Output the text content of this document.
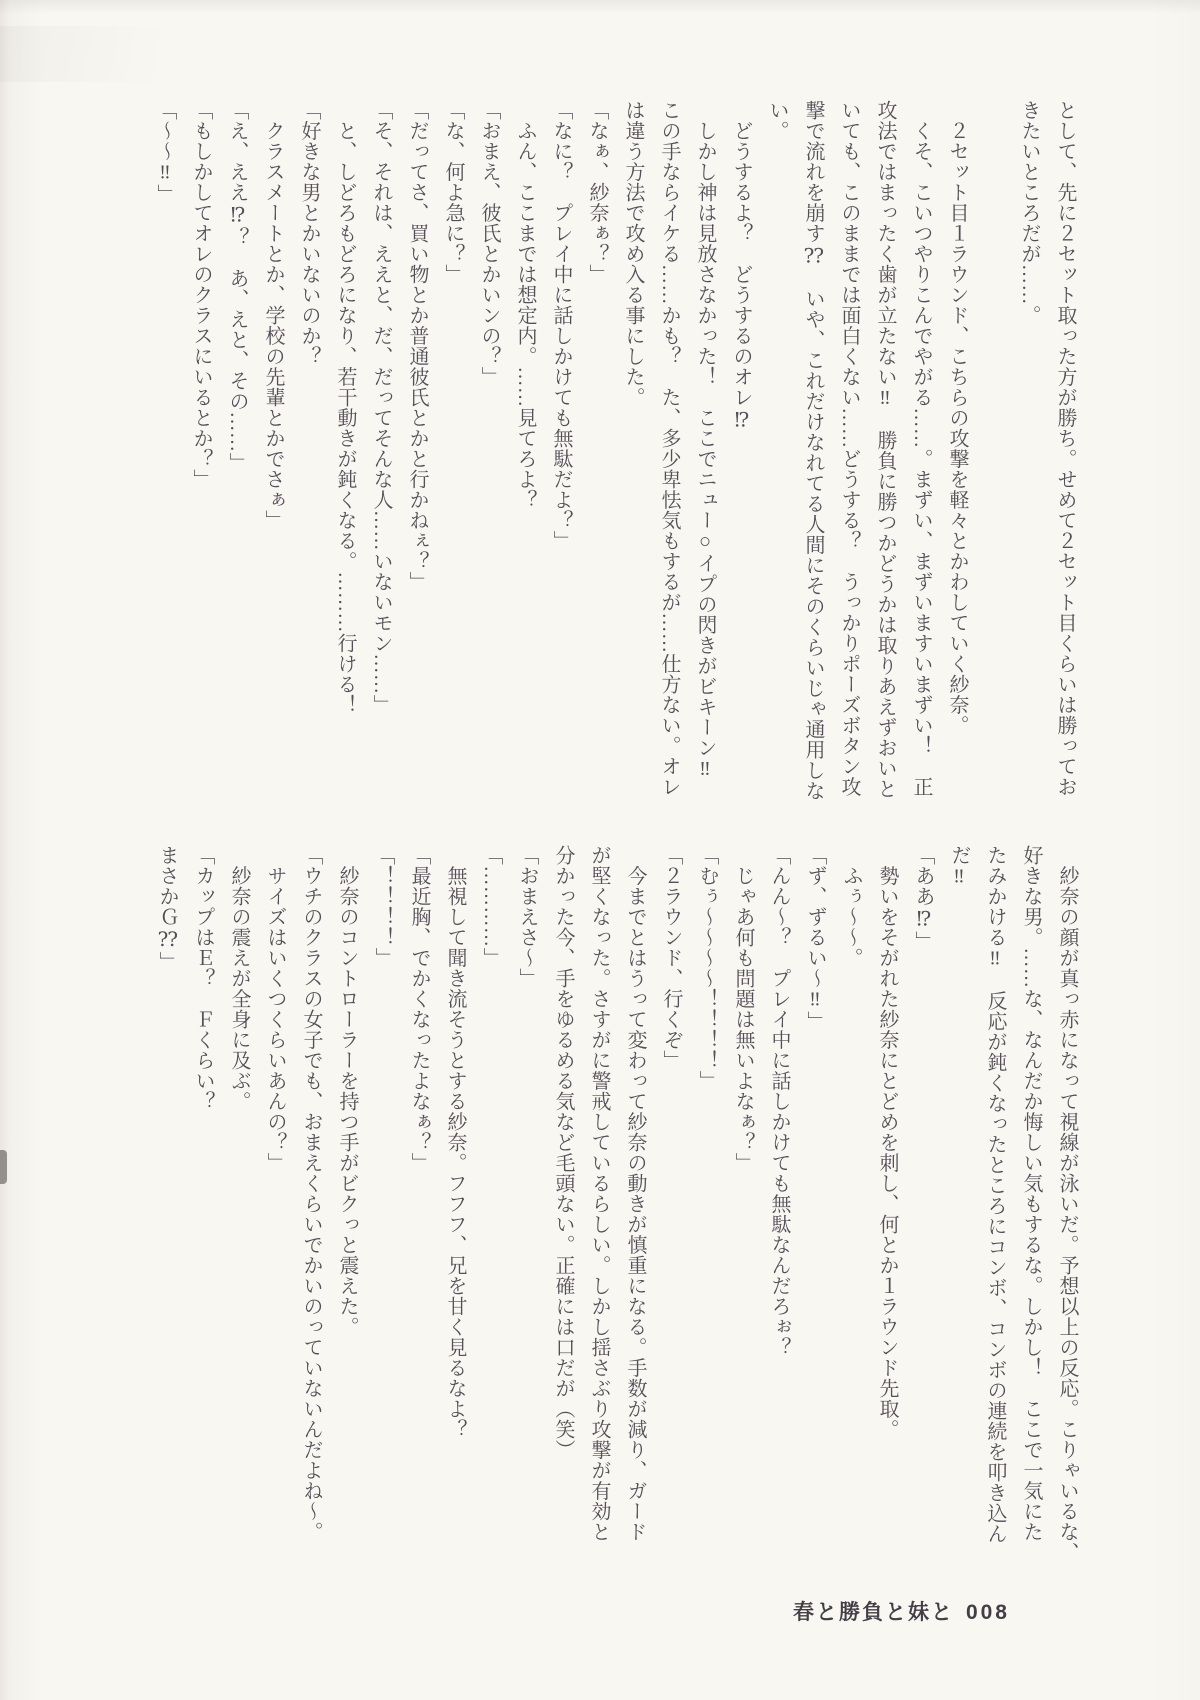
として、先に２セット取った方が勝ち。せめて２セット目くらいは勝ってお

きたいところだが……。

　２セット目１ラウンド、こちらの攻撃を軽々とかわしていく紗奈。

　くそ、こいつやりこんでやがる……。まずい、まずいますいまずい！　正

攻法ではまったく歯が立たない‼　勝負に勝つかどうかは取りあえずおいと

いても、このままでは面白くない……どうする？　うっかりポーズボタン攻

撃で流れを崩す⁇　いや、これだけなれてる人間にそのくらいじゃ通用しな

い。

　どうするよ？　どうするのオレ⁉

　しかし神は見放さなかった！　ここでニュー○イプの閃きがビキーン‼

この手ならイケる……かも？　た、多少卑怯気もするが……仕方ない。オレ

は違う方法で攻め入る事にした。

「なぁ、紗奈ぁ？」

「なに？　プレイ中に話しかけても無駄だよ？」

　ふん、ここまでは想定内。……見てろよ？

「おまえ、彼氏とかいンの？」

「な、何よ急に？」

「だってさ、買い物とか普通彼氏とかと行かねぇ？」

「そ、それは、ええと、だ、だってそんな人……いないモン……」

　と、しどろもどろになり、若干動きが鈍くなる。………行ける！

「好きな男とかいないのか？

　クラスメートとか、学校の先輩とかでさぁ」

「え、ええ⁉？　あ、えと、その……」

「もしかしてオレのクラスにいるとか？」

「～～‼」

　紗奈の顔が真っ赤になって視線が泳いだ。予想以上の反応。こりゃいるな、

好きな男。……な、なんだか悔しい気もするな。しかし！　ここで一気にた

たみかける‼　反応が鈍くなったところにコンボ、コンボの連続を叩き込ん

だ‼

「ああ⁉」

　勢いをそがれた紗奈にとどめを刺し、何とか１ラウンド先取。

　ふぅ～～。

「ず、ずるい～‼」

「んん～？　プレイ中に話しかけても無駄なんだろぉ？

　じゃあ何も問題は無いよなぁ？」

「むぅ～～～～！！！！」

「２ラウンド、行くぞ」

　今までとはうって変わって紗奈の動きが慎重になる。手数が減り、ガード

が堅くなった。さすがに警戒しているらしい。しかし揺さぶり攻撃が有効と

分かった今、手をゆるめる気など毛頭ない。正確には口だが（笑）

「おまえさ～」

「…………」

　無視して聞き流そうとする紗奈。フフフ、兄を甘く見るなよ？

「最近胸、でかくなったよなぁ？」

「！！！！」

　紗奈のコントローラーを持つ手がビクっと震えた。

「ウチのクラスの女子でも、おまえくらいでかいのっていないんだよね～。

　サイズはいくつくらいあんの？」

　紗奈の震えが全身に及ぶ。

「カップはＥ？　Ｆくらい？

まさかＧ⁇」

春と勝負と妹と 008
